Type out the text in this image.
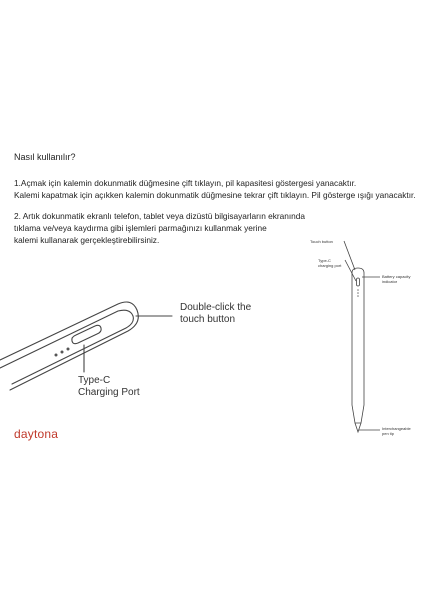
Nasıl kullanılır?
1.Açmak için kalemin dokunmatik düğmesine çift tıklayın, pil kapasitesi göstergesi yanacaktır.
Kalemi kapatmak için açıkken kalemin dokunmatik düğmesine tekrar çift tıklayın. Pil gösterge ışığı yanacaktır.
2. Artık dokunmatik ekranlı telefon, tablet veya dizüstü bilgisayarların ekranında
tıklama ve/veya kaydırma gibi işlemleri parmağınızı kullanmak yerine
kalemi kullanarak gerçekleştirebilirsiniz.
Double-click the
touch button
Type-C
Charging Port
Touch button
Type-C
charging port
Battery capacity
indicator
Interchangeable
pen tip
daytona
